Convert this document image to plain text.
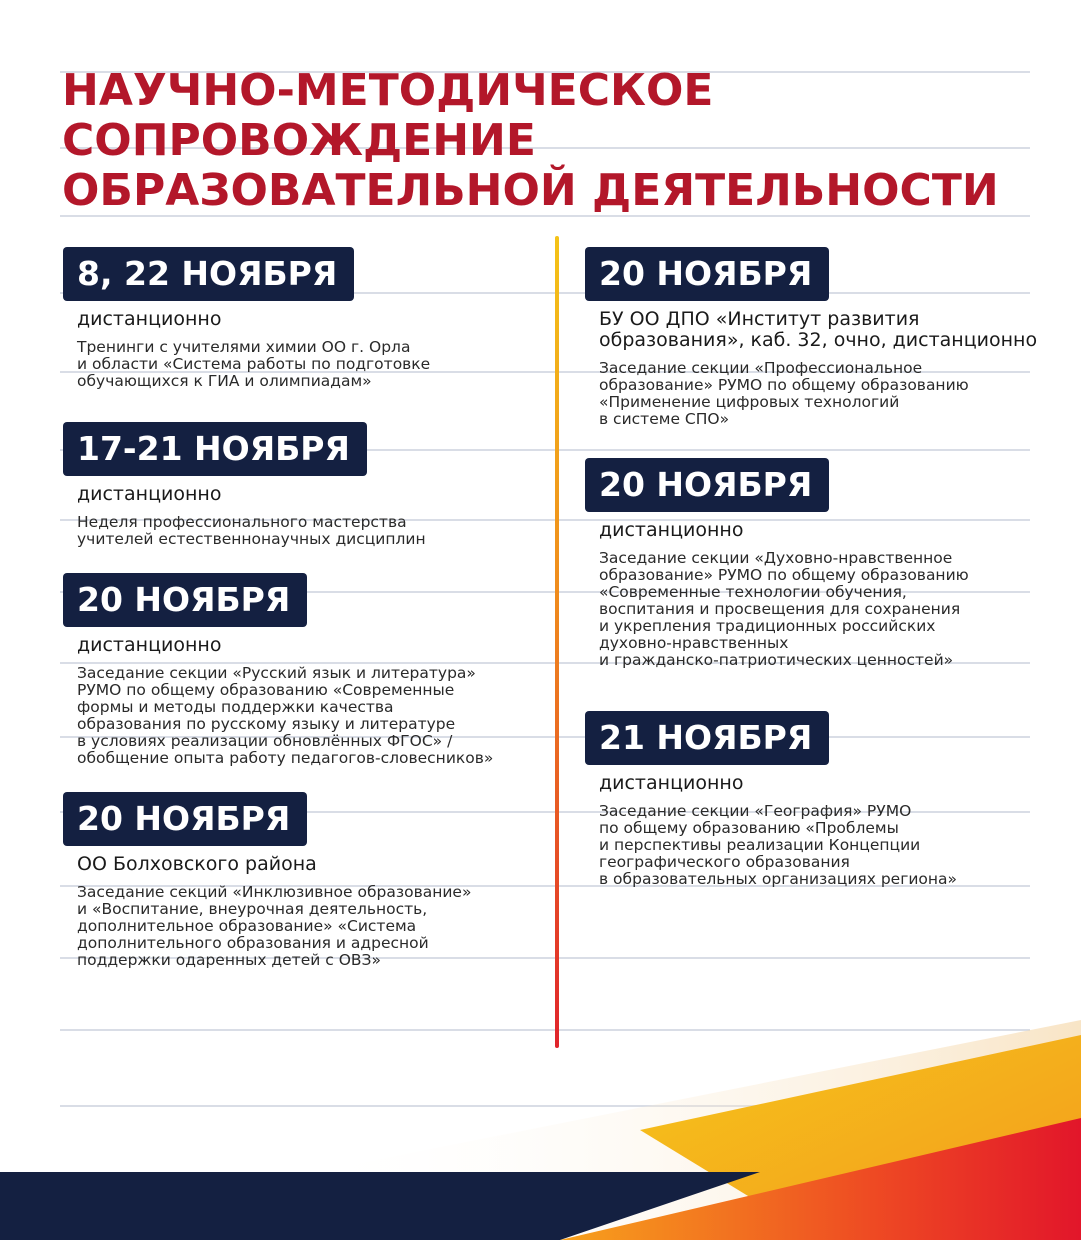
НАУЧНО-МЕТОДИЧЕСКОЕ
СОПРОВОЖДЕНИЕ
ОБРАЗОВАТЕЛЬНОЙ ДЕЯТЕЛЬНОСТИ
8, 22 НОЯБРЯ
дистанционно
Тренинги с учителями химии ОО г. Орла
и области «Система работы по подготовке
обучающихся к ГИА и олимпиадам»
17-21 НОЯБРЯ
дистанционно
Неделя профессионального мастерства
учителей естественнонаучных дисциплин
20 НОЯБРЯ
дистанционно
Заседание секции «Русский язык и литература»
РУМО по общему образованию «Современные
формы и методы поддержки качества
образования по русскому языку и литературе
в условиях реализации обновлённых ФГОС» /
обобщение опыта работу педагогов-словесников»
20 НОЯБРЯ
ОО Болховского района
Заседание секций «Инклюзивное образование»
и «Воспитание, внеурочная деятельность,
дополнительное образование» «Система
дополнительного образования и адресной
поддержки одаренных детей с ОВЗ»
20 НОЯБРЯ
БУ ОО ДПО «Институт развития
образования», каб. 32, очно, дистанционно
Заседание секции «Профессиональное
образование» РУМО по общему образованию
«Применение цифровых технологий
в системе СПО»
20 НОЯБРЯ
дистанционно
Заседание секции «Духовно-нравственное
образование» РУМО по общему образованию
«Современные технологии обучения,
воспитания и просвещения для сохранения
и укрепления традиционных российских
духовно-нравственных
и гражданско-патриотических ценностей»
21 НОЯБРЯ
дистанционно
Заседание секции «География» РУМО
по общему образованию «Проблемы
и перспективы реализации Концепции
географического образования
в образовательных организациях региона»
